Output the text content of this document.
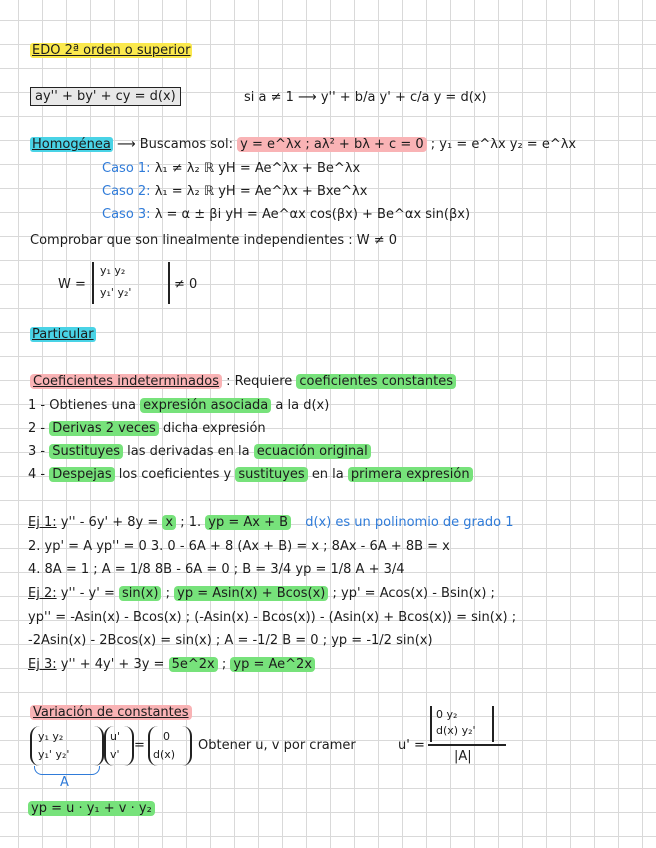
EDO 2ª orden o superior
ay'' + by' + cy = d(x)	si a ≠ 1 ⟶ y'' + b/a y' + c/a y = d(x)
Homogénea ⟶ Buscamos sol: y = e^λx ; aλ² + bλ + c = 0 ; y₁ = e^λx y₂ = e^λx
Caso 1: λ₁ ≠ λ₂ ℝ yH = Ae^λx + Be^λx
Caso 2: λ₁ = λ₂ ℝ yH = Ae^λx + Bxe^λx
Caso 3: λ = α ± βi yH = Ae^αx cos(βx) + Be^αx sin(βx)
Comprobar que son linealmente independientes : W ≠ 0
W =
y₁ y₂
y₁' y₂'
≠ 0
Particular
Coeficientes indeterminados : Requiere coeficientes constantes
1 - Obtienes una expresión asociada a la d(x)
2 - Derivas 2 veces dicha expresión
3 - Sustituyes las derivadas en la ecuación original
4 - Despejas los coeficientes y sustituyes en la primera expresión
Ej 1: y'' - 6y' + 8y = x ; 1. yp = Ax + B d(x) es un polinomio de grado 1
2. yp' = A yp'' = 0 3. 0 - 6A + 8 (Ax + B) = x ; 8Ax - 6A + 8B = x
4. 8A = 1 ; A = 1/8 8B - 6A = 0 ; B = 3/4 yp = 1/8 A + 3/4
Ej 2: y'' - y' = sin(x) ; yp = Asin(x) + Bcos(x) ; yp' = Acos(x) - Bsin(x) ;
yp'' = -Asin(x) - Bcos(x) ; (-Asin(x) - Bcos(x)) - (Asin(x) + Bcos(x)) = sin(x) ;
-2Asin(x) - 2Bcos(x) = sin(x) ; A = -1/2 B = 0 ; yp = -1/2 sin(x)
Ej 3: y'' + 4y' + 3y = 5e^2x ; yp = Ae^2x
Variación de constantes
y₁ y₂
y₁' y₂'
u'
v'
=
0
d(x)
Obtener u, v por cramer	u' =
0 y₂
d(x) y₂'
|A|
A
yp = u · y₁ + v · y₂
